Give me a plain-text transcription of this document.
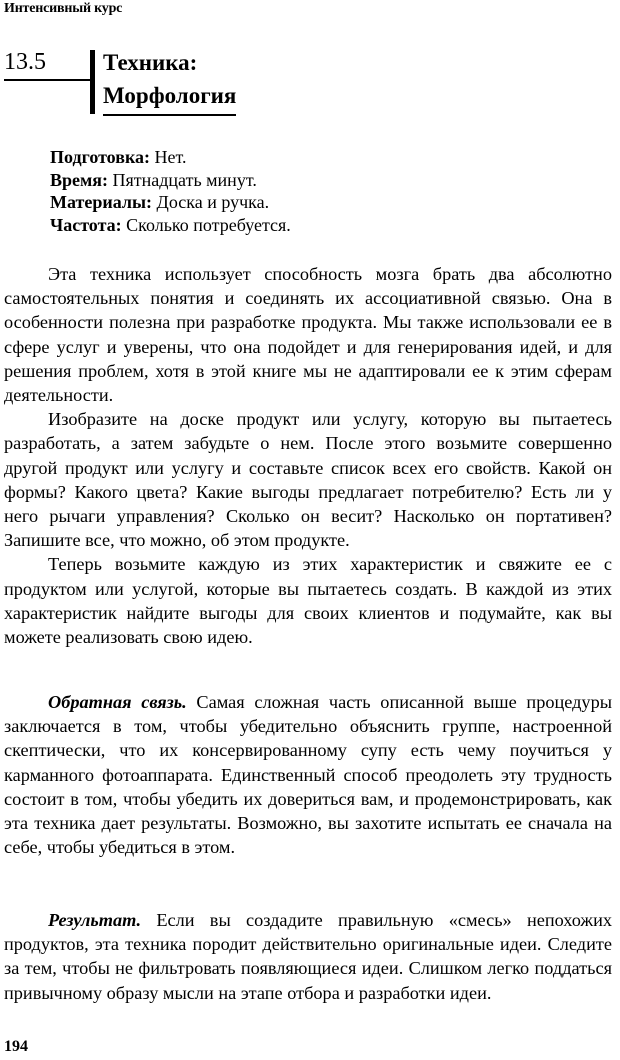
Интенсивный курс
13.5 Техника:
Морфология
Подготовка: Нет.
Время: Пятнадцать минут.
Материалы: Доска и ручка.
Частота: Сколько потребуется.

Эта техника использует способность мозга брать два абсолютно самостоятельных понятия и соединять их ассоциативной связью. Она в особенности полезна при разработке продукта. Мы также использовали ее в сфере услуг и уверены, что она подойдет и для генерирования идей, и для решения проблем, хотя в этой книге мы не адаптировали ее к этим сферам деятельности.

Изобразите на доске продукт или услугу, которую вы пытаетесь разработать, а затем забудьте о нем. После этого возьмите совершенно другой продукт или услугу и составьте список всех его свойств. Какой он формы? Какого цвета? Какие выгоды предлагает потребителю? Есть ли у него рычаги управления? Сколько он весит? Насколько он портативен? Запишите все, что можно, об этом продукте.

Теперь возьмите каждую из этих характеристик и свяжите ее с продуктом или услугой, которые вы пытаетесь создать. В каждой из этих характеристик найдите выгоды для своих клиентов и подумайте, как вы можете реализовать свою идею.

Обратная связь. Самая сложная часть описанной выше процедуры заключается в том, чтобы убедительно объяснить группе, настроенной скептически, что их консервированному супу есть чему поучиться у карманного фотоаппарата. Единственный способ преодолеть эту трудность состоит в том, чтобы убедить их довериться вам, и продемонстрировать, как эта техника дает результаты. Возможно, вы захотите испытать ее сначала на себе, чтобы убедиться в этом.

Результат. Если вы создадите правильную «смесь» непохожих продуктов, эта техника породит действительно оригинальные идеи. Следите за тем, чтобы не фильтровать появляющиеся идеи. Слишком легко поддаться привычному образу мысли на этапе отбора и разработки идеи.

194
